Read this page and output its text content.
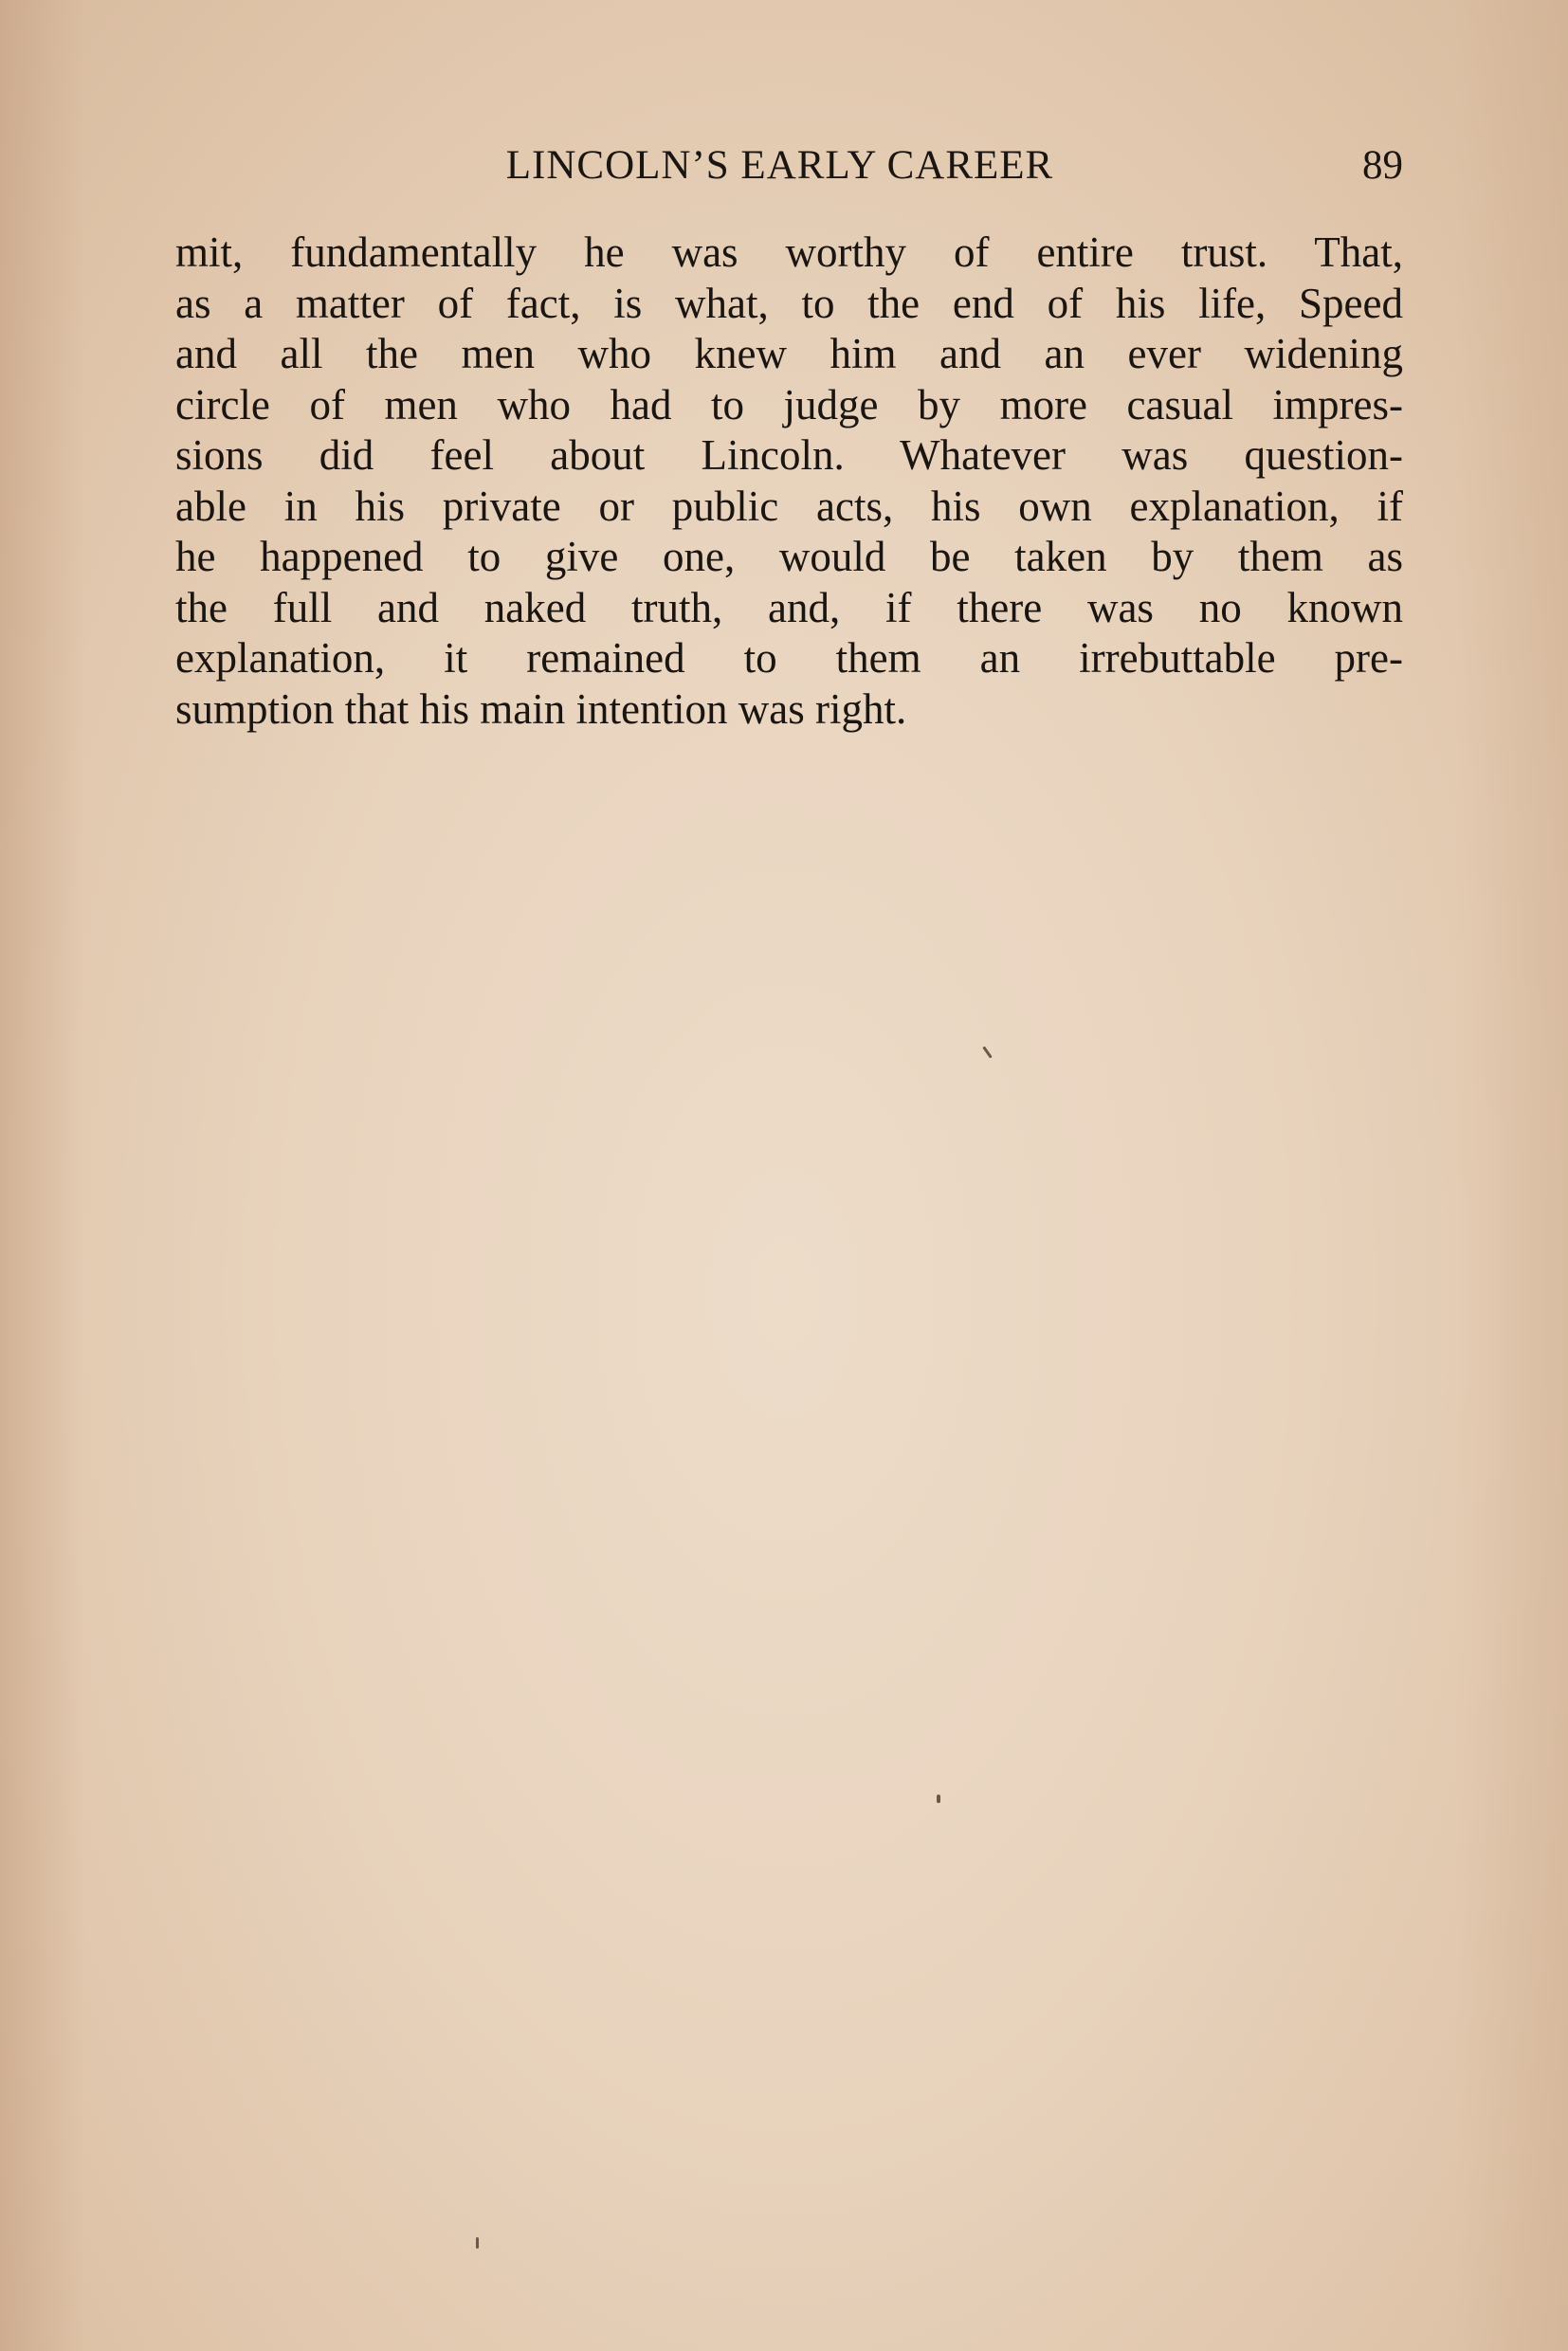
LINCOLN’S EARLY CAREER	89
mit, fundamentally he was worthy of entire trust. That,
as a matter of fact, is what, to the end of his life, Speed
and all the men who knew him and an ever widening
circle of men who had to judge by more casual impres-
sions did feel about Lincoln. Whatever was question-
able in his private or public acts, his own explanation, if
he happened to give one, would be taken by them as
the full and naked truth, and, if there was no known
explanation, it remained to them an irrebuttable pre-
sumption that his main intention was right.
